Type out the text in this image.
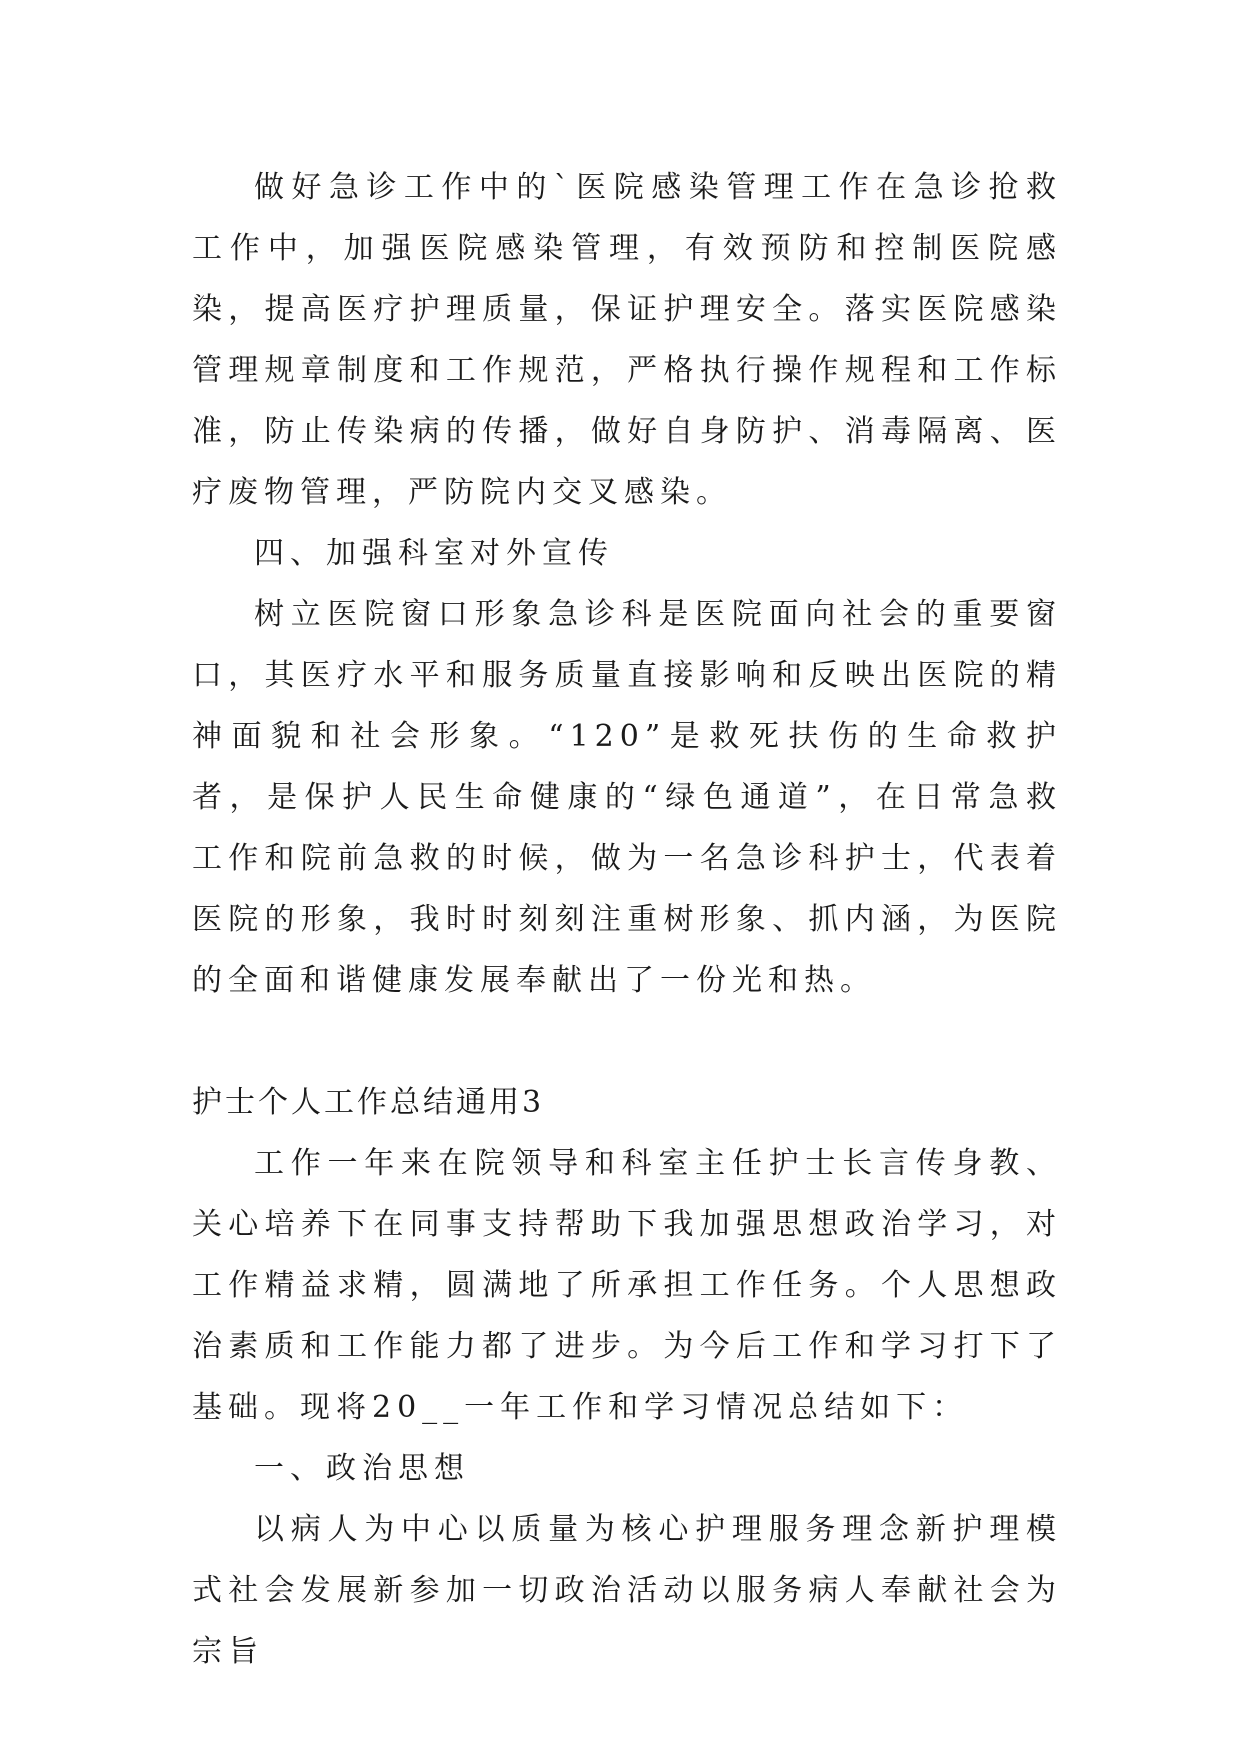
做好急诊工作中的`医院感染管理工作在急诊抢救工作中，加强医院感染管理，有效预防和控制医院感染，提高医疗护理质量，保证护理安全。落实医院感染管理规章制度和工作规范，严格执行操作规程和工作标准，防止传染病的传播，做好自身防护、消毒隔离、医疗废物管理，严防院内交叉感染。

四、加强科室对外宣传

树立医院窗口形象急诊科是医院面向社会的重要窗口，其医疗水平和服务质量直接影响和反映出医院的精神面貌和社会形象。“120”是救死扶伤的生命救护者，是保护人民生命健康的“绿色通道”，在日常急救工作和院前急救的时候，做为一名急诊科护士，代表着医院的形象，我时时刻刻注重树形象、抓内涵，为医院的全面和谐健康发展奉献出了一份光和热。

护士个人工作总结通用3

工作一年来在院领导和科室主任护士长言传身教、关心培养下在同事支持帮助下我加强思想政治学习，对工作精益求精，圆满地了所承担工作任务。个人思想政治素质和工作能力都了进步。为今后工作和学习打下了基础。现将20__一年工作和学习情况总结如下：

一、政治思想

以病人为中心以质量为核心护理服务理念新护理模式社会发展新参加一切政治活动以服务病人奉献社会为宗旨
